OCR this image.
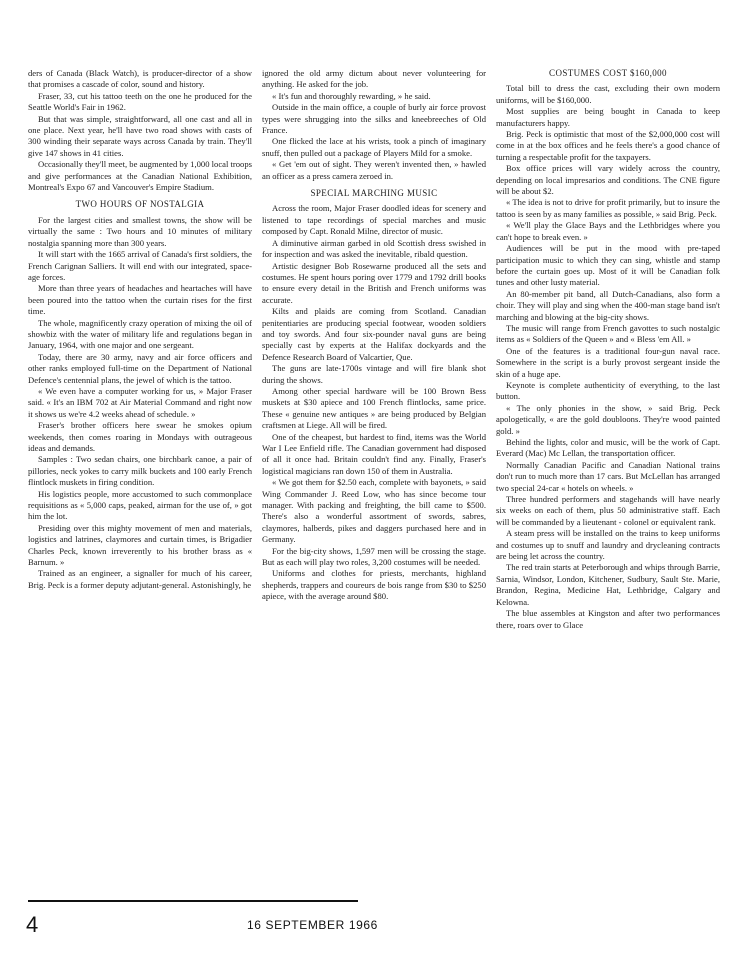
ders of Canada (Black Watch), is producer-director of a show that promises a cascade of color, sound and history.

Fraser, 33, cut his tattoo teeth on the one he produced for the Seattle World's Fair in 1962.

But that was simple, straightforward, all one cast and all in one place. Next year, he'll have two road shows with casts of 300 winding their separate ways across Canada by train. They'll give 147 shows in 41 cities.

Occasionally they'll meet, be augmented by 1,000 local troops and give performances at the Canadian National Exhibition, Montreal's Expo 67 and Vancouver's Empire Stadium.

TWO HOURS OF NOSTALGIA

For the largest cities and smallest towns, the show will be virtually the same : Two hours and 10 minutes of military nostalgia spanning more than 300 years.

It will start with the 1665 arrival of Canada's first soldiers, the French Carignan Salliers. It will end with our integrated, space-age forces.

More than three years of headaches and heartaches will have been poured into the tattoo when the curtain rises for the first time.

The whole, magnificently crazy operation of mixing the oil of showbiz with the water of military life and regulations began in January, 1964, with one major and one sergeant.

Today, there are 30 army, navy and air force officers and other ranks employed full-time on the Department of National Defence's centennial plans, the jewel of which is the tattoo.

« We even have a computer working for us, » Major Fraser said. « It's an IBM 702 at Air Material Command and right now it shows us we're 4.2 weeks ahead of schedule. »

Fraser's brother officers here swear he smokes opium weekends, then comes roaring in Mondays with outrageous ideas and demands.

Samples : Two sedan chairs, one birchbark canoe, a pair of pillories, neck yokes to carry milk buckets and 100 early French flintlock muskets in firing condition.

His logistics people, more accustomed to such commonplace requisitions as « 5,000 caps, peaked, airman for the use of, » got him the lot.

Presiding over this mighty movement of men and materials, logistics and latrines, claymores and curtain times, is Brigadier Charles Peck, known irreverently to his brother brass as « Barnum. »

Trained as an engineer, a signaller for much of his career, Brig. Peck is a former deputy adjutant-general. Astonishingly, he

ignored the old army dictum about never volunteering for anything. He asked for the job.

« It's fun and thoroughly rewarding, » he said.

Outside in the main office, a couple of burly air force provost types were shrugging into the silks and kneebreeches of Old France.

One flicked the lace at his wrists, took a pinch of imaginary snuff, then pulled out a package of Players Mild for a smoke.

« Get 'em out of sight. They weren't invented then, » hawled an officer as a press camera zeroed in.

SPECIAL MARCHING MUSIC

Across the room, Major Fraser doodled ideas for scenery and listened to tape recordings of special marches and music composed by Capt. Ronald Milne, director of music.

A diminutive airman garbed in old Scottish dress swished in for inspection and was asked the inevitable, ribald question.

Artistic designer Bob Rosewarne produced all the sets and costumes. He spent hours poring over 1779 and 1792 drill books to ensure every detail in the British and French uniforms was accurate.

Kilts and plaids are coming from Scotland. Canadian penitentiaries are producing special footwear, wooden soldiers and toy swords. And four six-pounder naval guns are being specially cast by experts at the Halifax dockyards and the Defence Research Board of Valcartier, Que.

The guns are late-1700s vintage and will fire blank shot during the shows.

Among other special hardware will be 100 Brown Bess muskets at $30 apiece and 100 French flintlocks, same price. These « genuine new antiques » are being produced by Belgian craftsmen at Liege. All will be fired.

One of the cheapest, but hardest to find, items was the World War I Lee Enfield rifle. The Canadian government had disposed of all it once had. Britain couldn't find any. Finally, Fraser's logistical magicians ran down 150 of them in Australia.

« We got them for $2.50 each, complete with bayonets, » said Wing Commander J. Reed Low, who has since become tour manager. With packing and freighting, the bill came to $500. There's also a wonderful assortment of swords, sabres, claymores, halberds, pikes and daggers purchased here and in Germany.

For the big-city shows, 1,597 men will be crossing the stage. But as each will play two roles, 3,200 costumes will be needed.

Uniforms and clothes for priests, merchants, highland shepherds, trappers and coureurs de bois range from $30 to $250 apiece, with the average around $80.

COSTUMES COST $160,000

Total bill to dress the cast, excluding their own modern uniforms, will be $160,000.

Most supplies are being bought in Canada to keep manufacturers happy.

Brig. Peck is optimistic that most of the $2,000,000 cost will come in at the box offices and he feels there's a good chance of turning a respectable profit for the taxpayers.

Box office prices will vary widely across the country, depending on local impresarios and conditions. The CNE figure will be about $2.

« The idea is not to drive for profit primarily, but to insure the tattoo is seen by as many families as possible, » said Brig. Peck.

« We'll play the Glace Bays and the Lethbridges where you can't hope to break even. »

Audiences will be put in the mood with pre-taped participation music to which they can sing, whistle and stamp before the curtain goes up. Most of it will be Canadian folk tunes and other lusty material.

An 80-member pit band, all Dutch-Canadians, also form a choir. They will play and sing when the 400-man stage band isn't marching and blowing at the big-city shows.

The music will range from French gavottes to such nostalgic items as « Soldiers of the Queen » and « Bless 'em All. »

One of the features is a traditional four-gun naval race. Somewhere in the script is a burly provost sergeant inside the skin of a huge ape.

Keynote is complete authenticity of everything, to the last button.

« The only phonies in the show, » said Brig. Peck apologetically, « are the gold doubloons. They're wood painted gold. »

Behind the lights, color and music, will be the work of Capt. Everard (Mac) Mc Lellan, the transportation officer.

Normally Canadian Pacific and Canadian National trains don't run to much more than 17 cars. But McLellan has arranged two special 24-car « hotels on wheels. »

Three hundred performers and stagehands will have nearly six weeks on each of them, plus 50 administrative staff. Each will be commanded by a lieutenant - colonel or equivalent rank.

A steam press will be installed on the trains to keep uniforms and costumes up to snuff and laundry and drycleaning contracts are being let across the country.

The red train starts at Peterborough and whips through Barrie, Sarnia, Windsor, London, Kitchener, Sudbury, Sault Ste. Marie, Brandon, Regina, Medicine Hat, Lethbridge, Calgary and Kelowna.

The blue assembles at Kingston and after two performances there, roars over to Glace

4	16 SEPTEMBER 1966
